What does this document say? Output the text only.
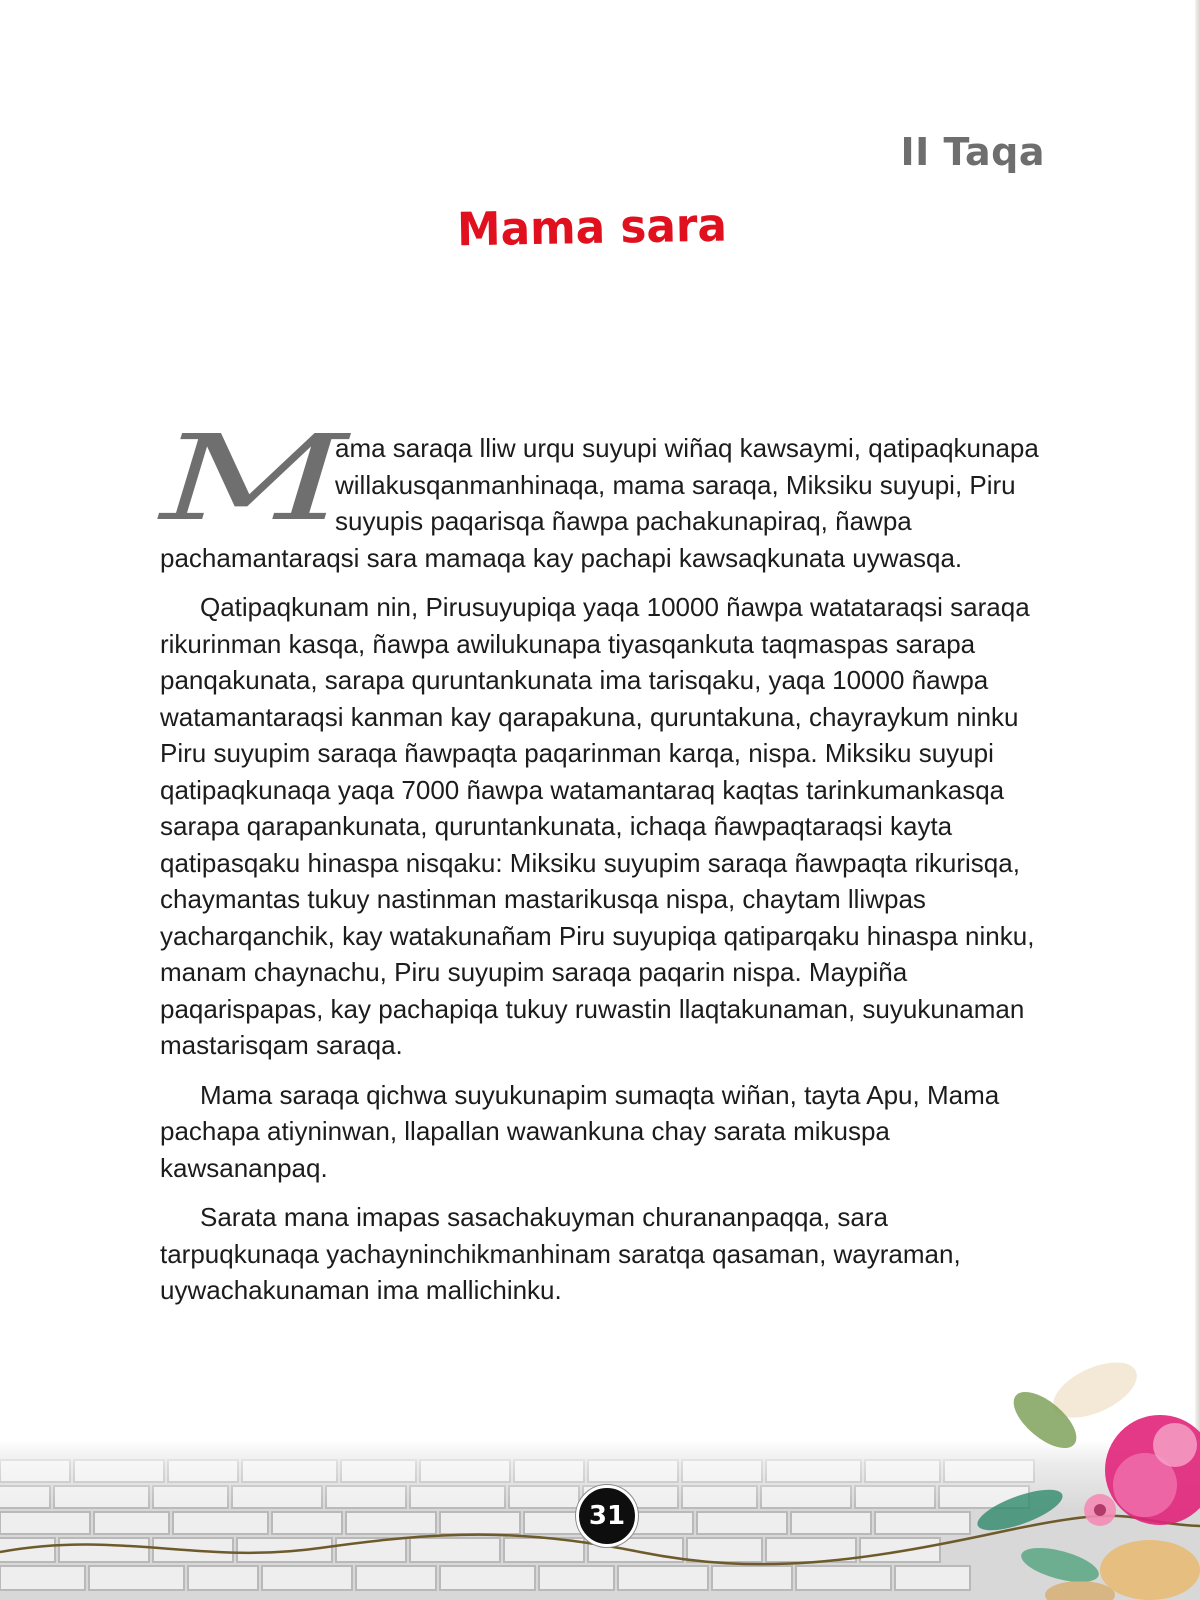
II Taqa
Mama sara

M
ama saraqa lliw urqu suyupi wiñaq kawsaymi, qatipaqkunapa willakusqanmanhinaqa, mama saraqa, Miksiku suyupi, Piru suyupis paqarisqa ñawpa pachakunapiraq, ñawpa pachamantaraqsi sara mamaqa kay pachapi kawsaqkunata uywasqa.

Qatipaqkunam nin, Pirusuyupiqa yaqa 10000 ñawpa watataraqsi saraqa rikurinman kasqa, ñawpa awilukunapa tiyasqankuta taqmaspas sarapa panqakunata, sarapa quruntankunata ima tarisqaku, yaqa 10000 ñawpa watamantaraqsi kanman kay qarapakuna, quruntakuna, chayraykum ninku Piru suyupim saraqa ñawpaqta paqarinman karqa, nispa. Miksiku suyupi qatipaqkunaqa yaqa 7000 ñawpa watamantaraq kaqtas tarinkumankasqa sarapa qarapankunata, quruntankunata, ichaqa ñawpaqtaraqsi kayta qatipasqaku hinaspa nisqaku: Miksiku suyupim saraqa ñawpaqta rikurisqa, chaymantas tukuy nastinman mastarikusqa nispa, chaytam lliwpas yacharqanchik, kay watakunañam Piru suyupiqa qatiparqaku hinaspa ninku, manam chaynachu, Piru suyupim saraqa paqarin nispa. Maypiña paqarispapas, kay pachapiqa tukuy ruwastin llaqtakunaman, suyukunaman mastarisqam saraqa.

Mama saraqa qichwa suyukunapim sumaqta wiñan, tayta Apu, Mama pachapa atiyninwan, llapallan wawankuna chay sarata mikuspa kawsananpaq.

Sarata mana imapas sasachakuyman churananpaqqa, sara tarpuqkunaqa yachayninchikmanhinam saratqa qasaman, wayraman, uywachakunaman ima mallichinku.

31
